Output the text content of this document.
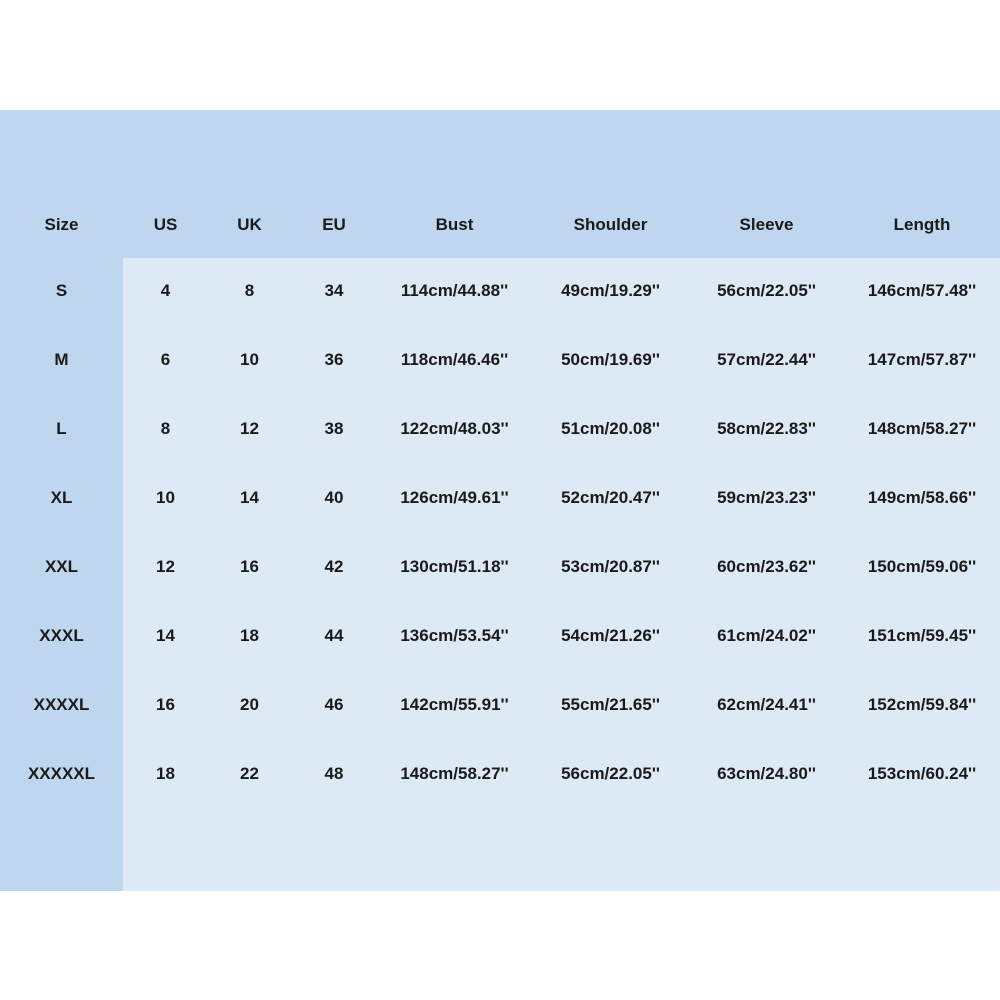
Size	US	UK	EU	Bust	Shoulder	Sleeve	Length
S	4	8	34	114cm/44.88''	49cm/19.29''	56cm/22.05''	146cm/57.48''
M	6	10	36	118cm/46.46''	50cm/19.69''	57cm/22.44''	147cm/57.87''
L	8	12	38	122cm/48.03''	51cm/20.08''	58cm/22.83''	148cm/58.27''
XL	10	14	40	126cm/49.61''	52cm/20.47''	59cm/23.23''	149cm/58.66''
XXL	12	16	42	130cm/51.18''	53cm/20.87''	60cm/23.62''	150cm/59.06''
XXXL	14	18	44	136cm/53.54''	54cm/21.26''	61cm/24.02''	151cm/59.45''
XXXXL	16	20	46	142cm/55.91''	55cm/21.65''	62cm/24.41''	152cm/59.84''
XXXXXL	18	22	48	148cm/58.27''	56cm/22.05''	63cm/24.80''	153cm/60.24''
